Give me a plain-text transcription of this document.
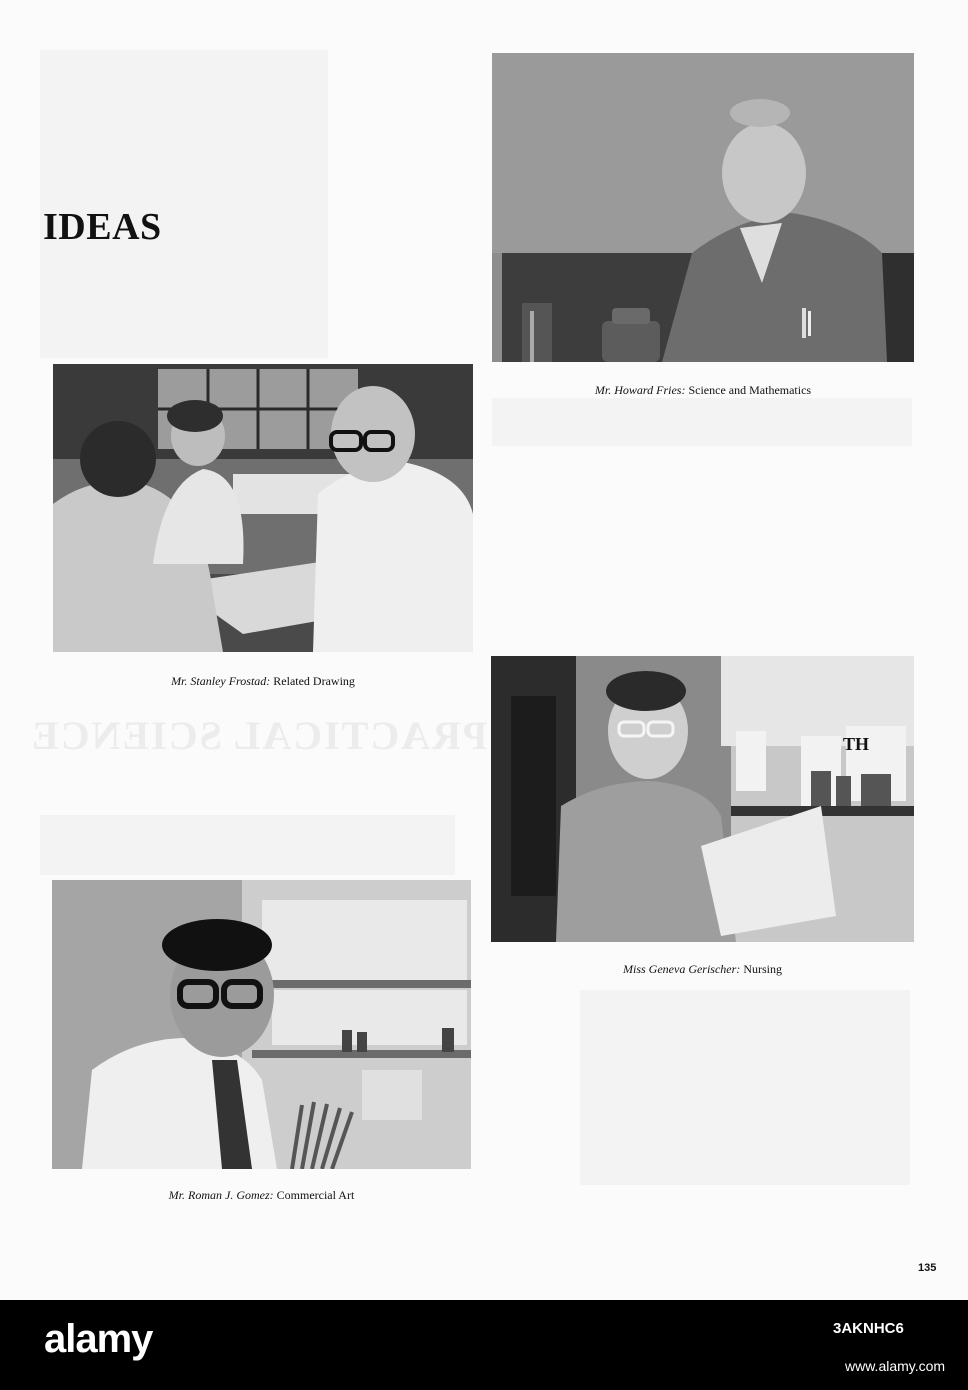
PRACTICAL SCIENCE
IDEAS
Mr. Howard Fries: Science and Mathematics
Mr. Stanley Frostad: Related Drawing
TH
Miss Geneva Gerischer: Nursing
Mr. Roman J. Gomez: Commercial Art
135
alamy	3AKNHC6
www.alamy.com
